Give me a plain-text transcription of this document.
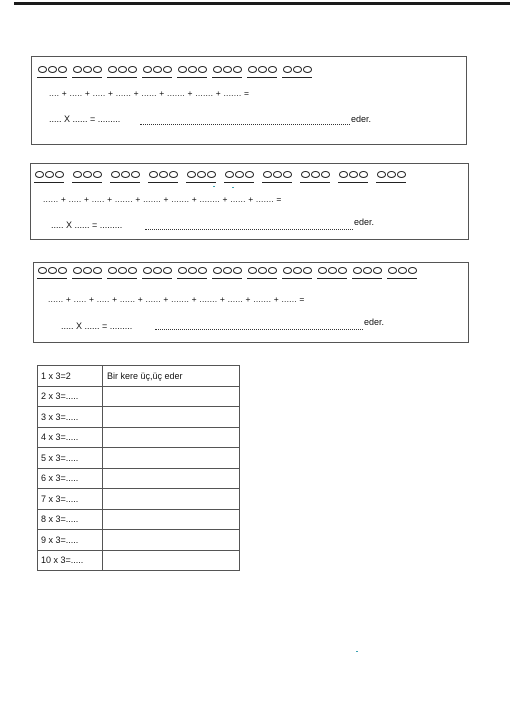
.... + ..... + ..... + ...... + ...... + ....... + ....... + ....... =
..... X ...... = .........	eder.
...... + ..... + ..... + ....... + ....... + ....... + ........ + ...... + ....... =
..... X ...... = .........	eder.
...... + ..... + ..... + ...... + ...... + ....... + ....... + ...... + ....... + ...... =
..... X ...... = .........	eder.
1 x 3=2	Bir kere üç,üç eder
2 x 3=.....	
3 x 3=.....	
4 x 3=.....	
5 x 3=.....	
6 x 3=.....	
7 x 3=.....	
8 x 3=.....	
9 x 3=.....	
10 x 3=.....	
